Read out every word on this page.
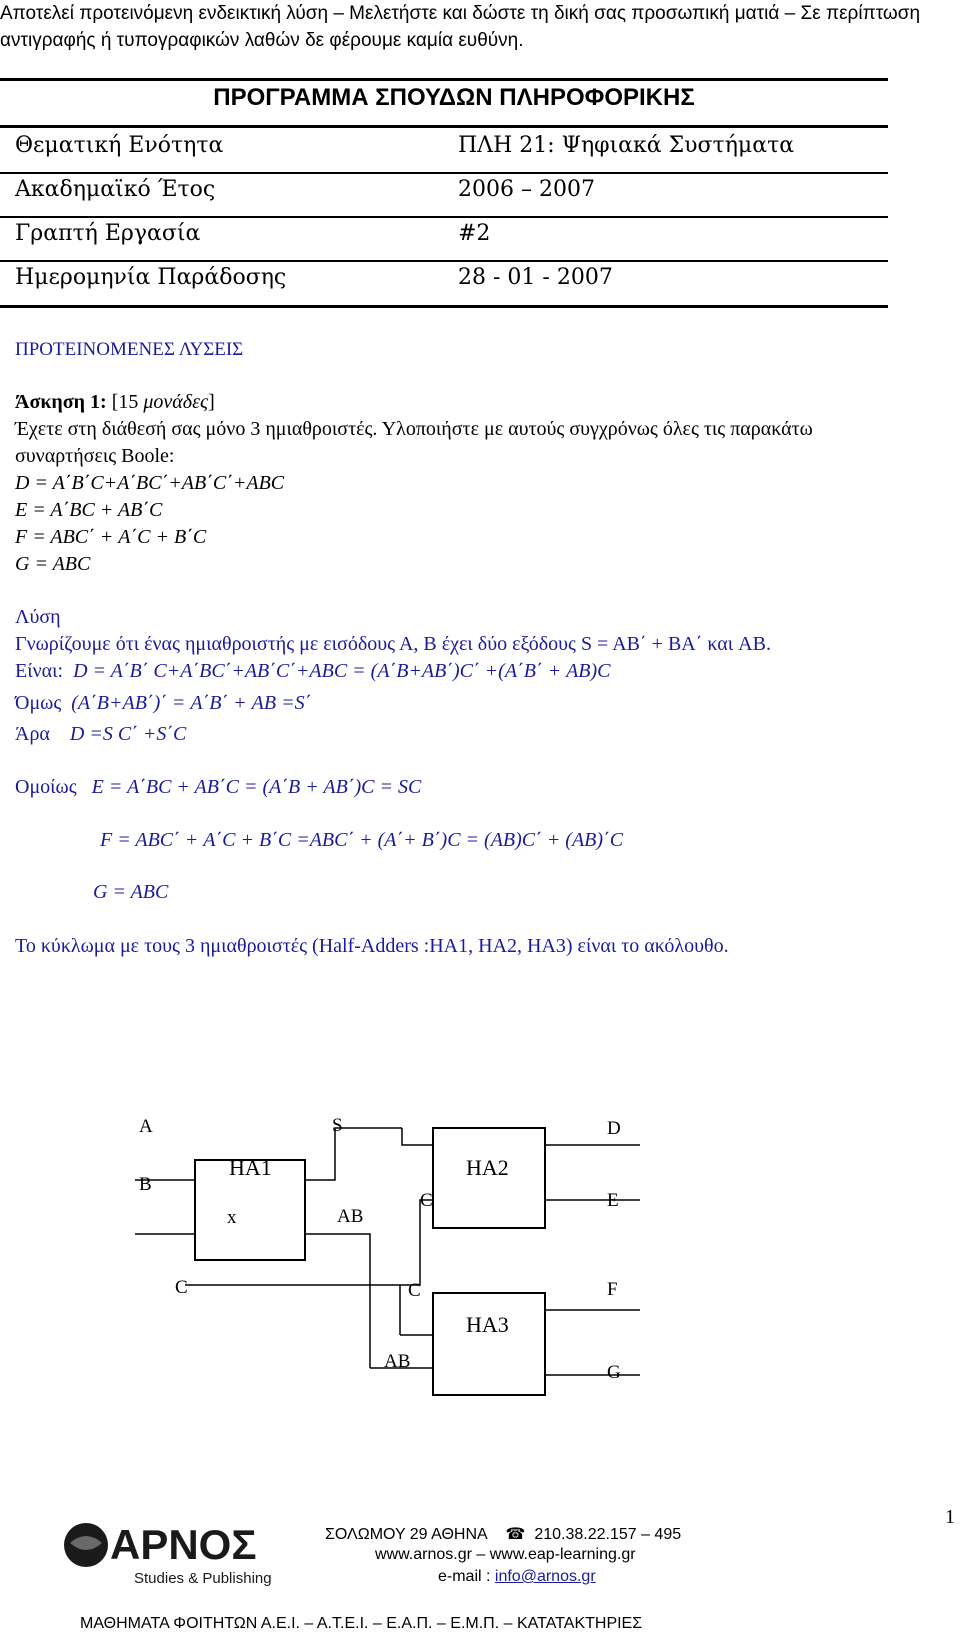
Αποτελεί προτεινόμενη ενδεικτική λύση – Μελετήστε και δώστε τη δική σας προσωπική ματιά – Σε περίπτωση αντιγραφής ή τυπογραφικών λαθών δε φέρουμε καμία ευθύνη.
ΠΡΟΓΡΑΜΜΑ ΣΠΟΥΔΩΝ ΠΛΗΡΟΦΟΡΙΚΗΣ
Θεματική Ενότητα	ΠΛΗ 21: Ψηφιακά Συστήματα
Ακαδημαϊκό Έτος	2006 – 2007
Γραπτή Εργασία	#2
Ημερομηνία Παράδοσης	28 - 01 - 2007
ΠΡΟΤΕΙΝΟΜΕΝΕΣ ΛΥΣΕΙΣ
Άσκηση 1: [15 μονάδες]
Έχετε στη διάθεσή σας μόνο 3 ημιαθροιστές. Υλοποιήστε με αυτούς συγχρόνως όλες τις παρακάτω
συναρτήσεις Boole:
D = A΄B΄C+A΄BC΄+AB΄C΄+ABC
E = A΄BC + AB΄C
F = ABC΄ + A΄C + B΄C
G = ABC
Λύση
Γνωρίζουμε ότι ένας ημιαθροιστής με εισόδους Α, Β έχει δύο εξόδους S = AB΄ + BA΄ και AB.
Είναι: D = A΄B΄ C+A΄BC΄+AB΄C΄+ABC = (A΄B+AB΄)C΄ +(A΄B΄ + AB)C
Όμως (A΄B+AB΄)΄ = A΄B΄ + AB =S΄
Άρα D =S C΄ +S΄C
Ομοίως E = A΄BC + AB΄C = (A΄B + AB΄)C = SC
F = ABC΄ + A΄C + B΄C =ABC΄ + (A΄+ B΄)C = (AB)C΄ + (AB)΄C
G = ABC
Το κύκλωμα με τους 3 ημιαθροιστές (Half-Adders :HA1, HA2, HA3) είναι το ακόλουθο.
A
B
HA1
x
S
AB
HA2
C
D
E
C	C
HA3
AB
F
G
1
ΑΡΝΟΣ
Studies & Publishing
ΣΟΛΩΜΟΥ 29 ΑΘΗΝΑ ☎ 210.38.22.157 – 495
www.arnos.gr – www.eap-learning.gr
e-mail : info@arnos.gr
ΜΑΘΗΜΑΤΑ ΦΟΙΤΗΤΩΝ Α.Ε.Ι. – Α.Τ.Ε.Ι. – Ε.Α.Π. – Ε.Μ.Π. – ΚΑΤΑΤΑΚΤΗΡΙΕΣ
